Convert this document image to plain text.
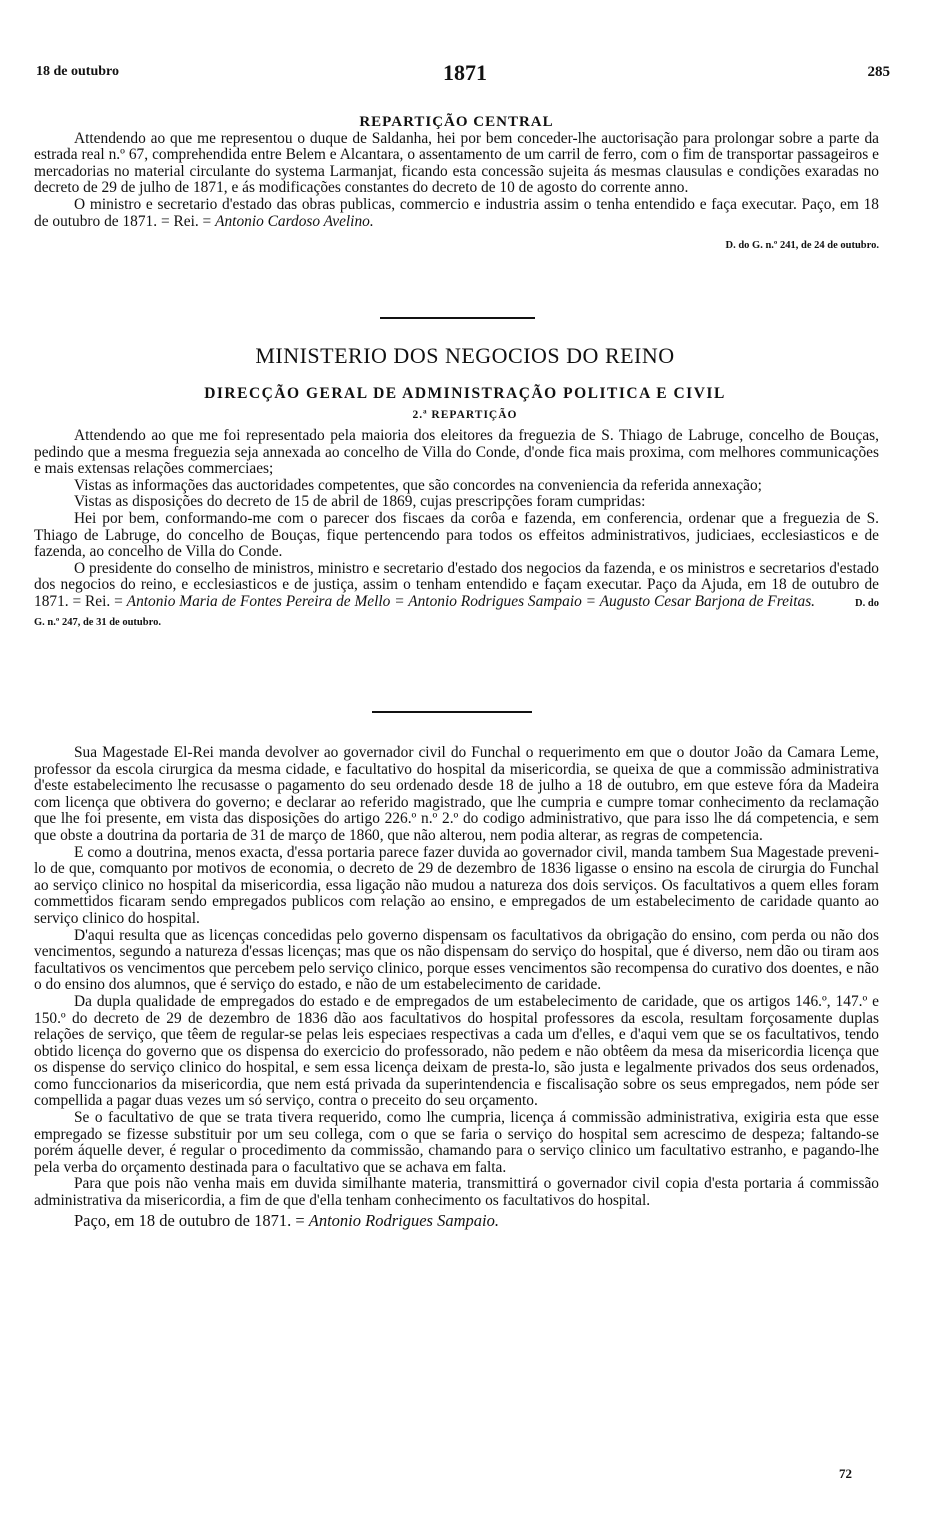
18 de outubro	1871	285

REPARTIÇÃO CENTRAL

Attendendo ao que me representou o duque de Saldanha, hei por bem conceder-lhe auctorisação para prolongar sobre a parte da estrada real n.º 67, comprehendida entre Belem e Alcantara, o assentamento de um carril de ferro, com o fim de transportar passageiros e mercadorias no material circulante do systema Larmanjat, ficando esta concessão sujeita ás mesmas clausulas e condições exaradas no decreto de 29 de julho de 1871, e ás modificações constantes do decreto de 10 de agosto do corrente anno.

O ministro e secretario d'estado das obras publicas, commercio e industria assim o tenha entendido e faça executar. Paço, em 18 de outubro de 1871. = Rei. = Antonio Cardoso Avelino.

D. do G. n.º 241, de 24 de outubro.

MINISTERIO DOS NEGOCIOS DO REINO
DIRECÇÃO GERAL DE ADMINISTRAÇÃO POLITICA E CIVIL
2.ª REPARTIÇÃO

Attendendo ao que me foi representado pela maioria dos eleitores da freguezia de S. Thiago de Labruge, concelho de Bouças, pedindo que a mesma freguezia seja annexada ao concelho de Villa do Conde, d'onde fica mais proxima, com melhores communicações e mais extensas relações commerciaes;

Vistas as informações das auctoridades competentes, que são concordes na conveniencia da referida annexação;

Vistas as disposições do decreto de 15 de abril de 1869, cujas prescripções foram cumpridas:

Hei por bem, conformando-me com o parecer dos fiscaes da corôa e fazenda, em conferencia, ordenar que a freguezia de S. Thiago de Labruge, do concelho de Bouças, fique pertencendo para todos os effeitos administrativos, judiciaes, ecclesiasticos e de fazenda, ao concelho de Villa do Conde.

O presidente do conselho de ministros, ministro e secretario d'estado dos negocios da fazenda, e os ministros e secretarios d'estado dos negocios do reino, e ecclesiasticos e de justiça, assim o tenham entendido e façam executar. Paço da Ajuda, em 18 de outubro de 1871. = Rei. = Antonio Maria de Fontes Pereira de Mello = Antonio Rodrigues Sampaio = Augusto Cesar Barjona de Freitas.	D. do G. n.º 247, de 31 de outubro.

Sua Magestade El-Rei manda devolver ao governador civil do Funchal o requerimento em que o doutor João da Camara Leme, professor da escola cirurgica da mesma cidade, e facultativo do hospital da misericordia, se queixa de que a commissão administrativa d'este estabelecimento lhe recusasse o pagamento do seu ordenado desde 18 de julho a 18 de outubro, em que esteve fóra da Madeira com licença que obtivera do governo; e declarar ao referido magistrado, que lhe cumpria e cumpre tomar conhecimento da reclamação que lhe foi presente, em vista das disposições do artigo 226.º n.º 2.º do codigo administrativo, que para isso lhe dá competencia, e sem que obste a doutrina da portaria de 31 de março de 1860, que não alterou, nem podia alterar, as regras de competencia.

E como a doutrina, menos exacta, d'essa portaria parece fazer duvida ao governador civil, manda tambem Sua Magestade preveni-lo de que, comquanto por motivos de economia, o decreto de 29 de dezembro de 1836 ligasse o ensino na escola de cirurgia do Funchal ao serviço clinico no hospital da misericordia, essa ligação não mudou a natureza dos dois serviços. Os facultativos a quem elles foram commettidos ficaram sendo empregados publicos com relação ao ensino, e empregados de um estabelecimento de caridade quanto ao serviço clinico do hospital.

D'aqui resulta que as licenças concedidas pelo governo dispensam os facultativos da obrigação do ensino, com perda ou não dos vencimentos, segundo a natureza d'essas licenças; mas que os não dispensam do serviço do hospital, que é diverso, nem dão ou tiram aos facultativos os vencimentos que percebem pelo serviço clinico, porque esses vencimentos são recompensa do curativo dos doentes, e não o do ensino dos alumnos, que é serviço do estado, e não de um estabelecimento de caridade.

Da dupla qualidade de empregados do estado e de empregados de um estabelecimento de caridade, que os artigos 146.º, 147.º e 150.º do decreto de 29 de dezembro de 1836 dão aos facultativos do hospital professores da escola, resultam forçosamente duplas relações de serviço, que têem de regular-se pelas leis especiaes respectivas a cada um d'elles, e d'aqui vem que se os facultativos, tendo obtido licença do governo que os dispensa do exercicio do professorado, não pedem e não obtêem da mesa da misericordia licença que os dispense do serviço clinico do hospital, e sem essa licença deixam de presta-lo, são justa e legalmente privados dos seus ordenados, como funccionarios da misericordia, que nem está privada da superintendencia e fiscalisação sobre os seus empregados, nem póde ser compellida a pagar duas vezes um só serviço, contra o preceito do seu orçamento.

Se o facultativo de que se trata tivera requerido, como lhe cumpria, licença á commissão administrativa, exigiria esta que esse empregado se fizesse substituir por um seu collega, com o que se faria o serviço do hospital sem acrescimo de despeza; faltando-se porém áquelle dever, é regular o procedimento da commissão, chamando para o serviço clinico um facultativo estranho, e pagando-lhe pela verba do orçamento destinada para o facultativo que se achava em falta.

Para que pois não venha mais em duvida similhante materia, transmittirá o governador civil copia d'esta portaria á commissão administrativa da misericordia, a fim de que d'ella tenham conhecimento os facultativos do hospital.

Paço, em 18 de outubro de 1871. = Antonio Rodrigues Sampaio.

72
